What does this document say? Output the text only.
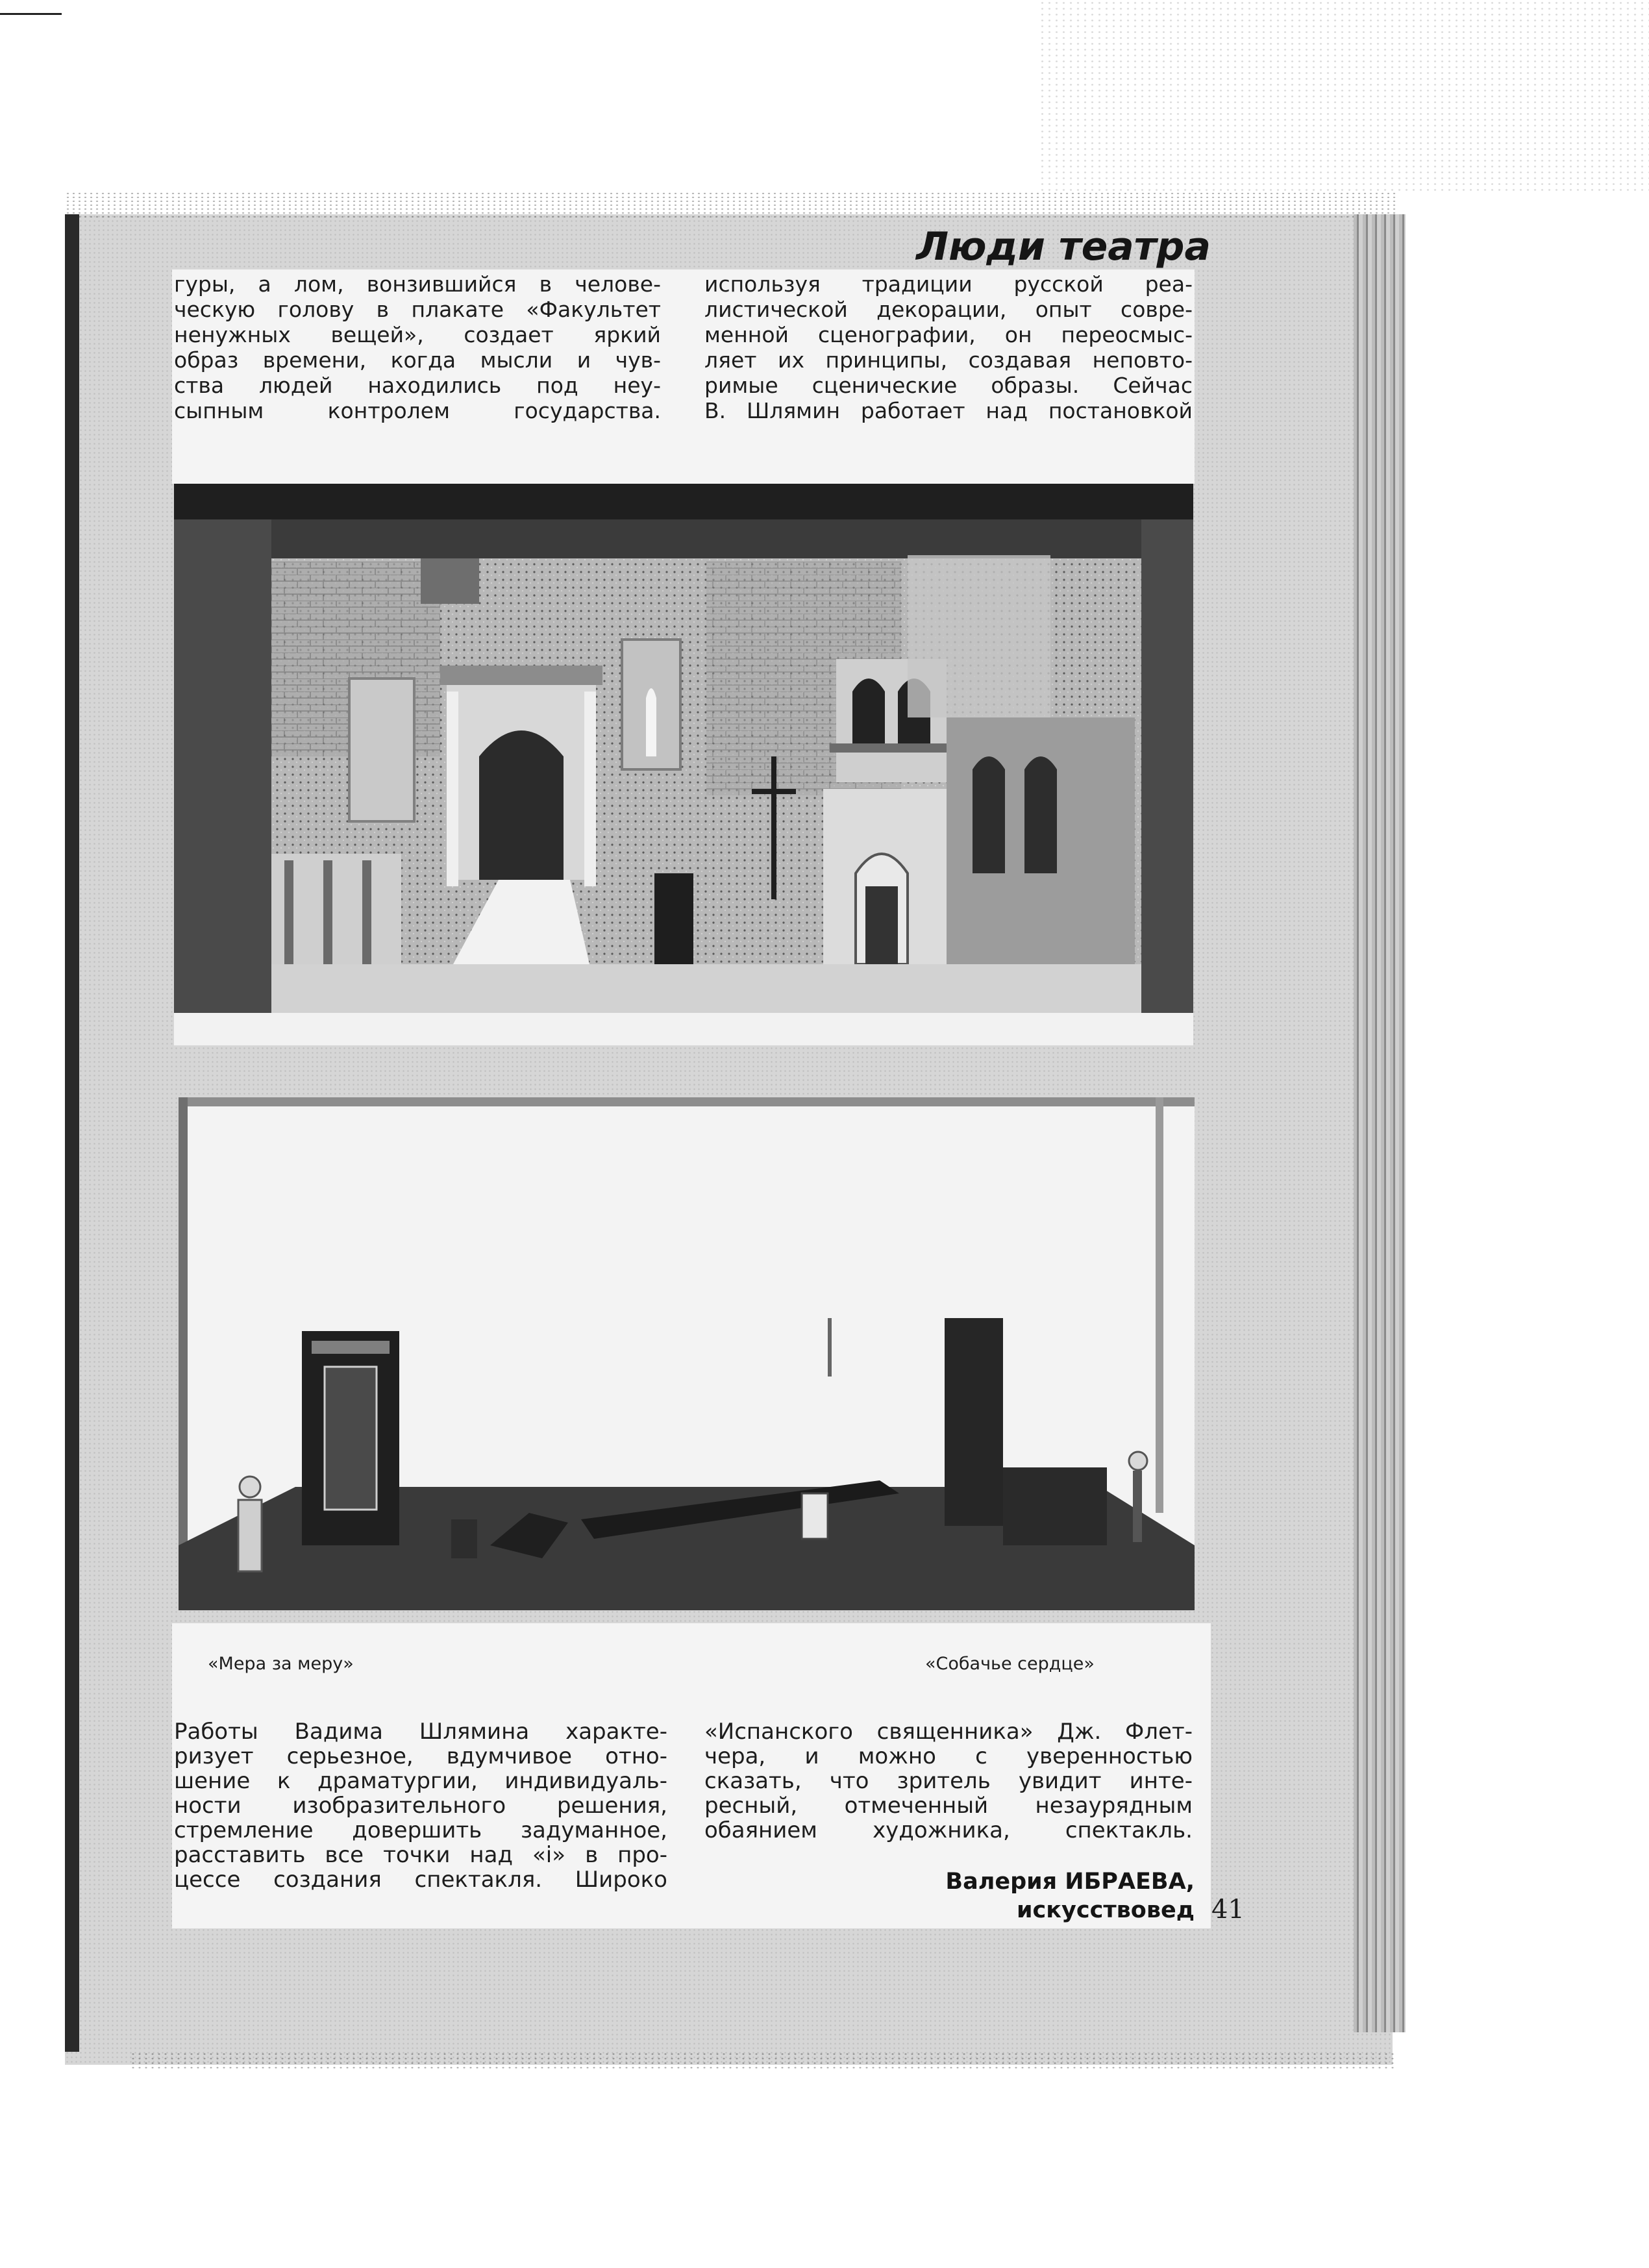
Люди театра

гуры, а лом, вонзившийся в челове-
ческую голову в плакате «Факультет
ненужных вещей», создает яркий
образ времени, когда мысли и чув-
ства людей находились под неу-
сыпным контролем государства.

используя традиции русской реа-
листической декорации, опыт совре-
менной сценографии, он переосмыс-
ляет их принципы, создавая неповто-
римые сценические образы. Сейчас
В. Шлямин работает над постановкой

«Мера за меру»	«Собачье сердце»

Работы Вадима Шлямина характе-
ризует серьезное, вдумчивое отно-
шение к драматургии, индивидуаль-
ности изобразительного решения,
стремление довершить задуманное,
расставить все точки над «i» в про-
цессе создания спектакля. Широко

«Испанского священника» Дж. Флет-
чера, и можно с уверенностью
сказать, что зритель увидит инте-
ресный, отмеченный незаурядным
обаянием художника, спектакль.

Валерия ИБРАЕВА,
искусствовед 41
